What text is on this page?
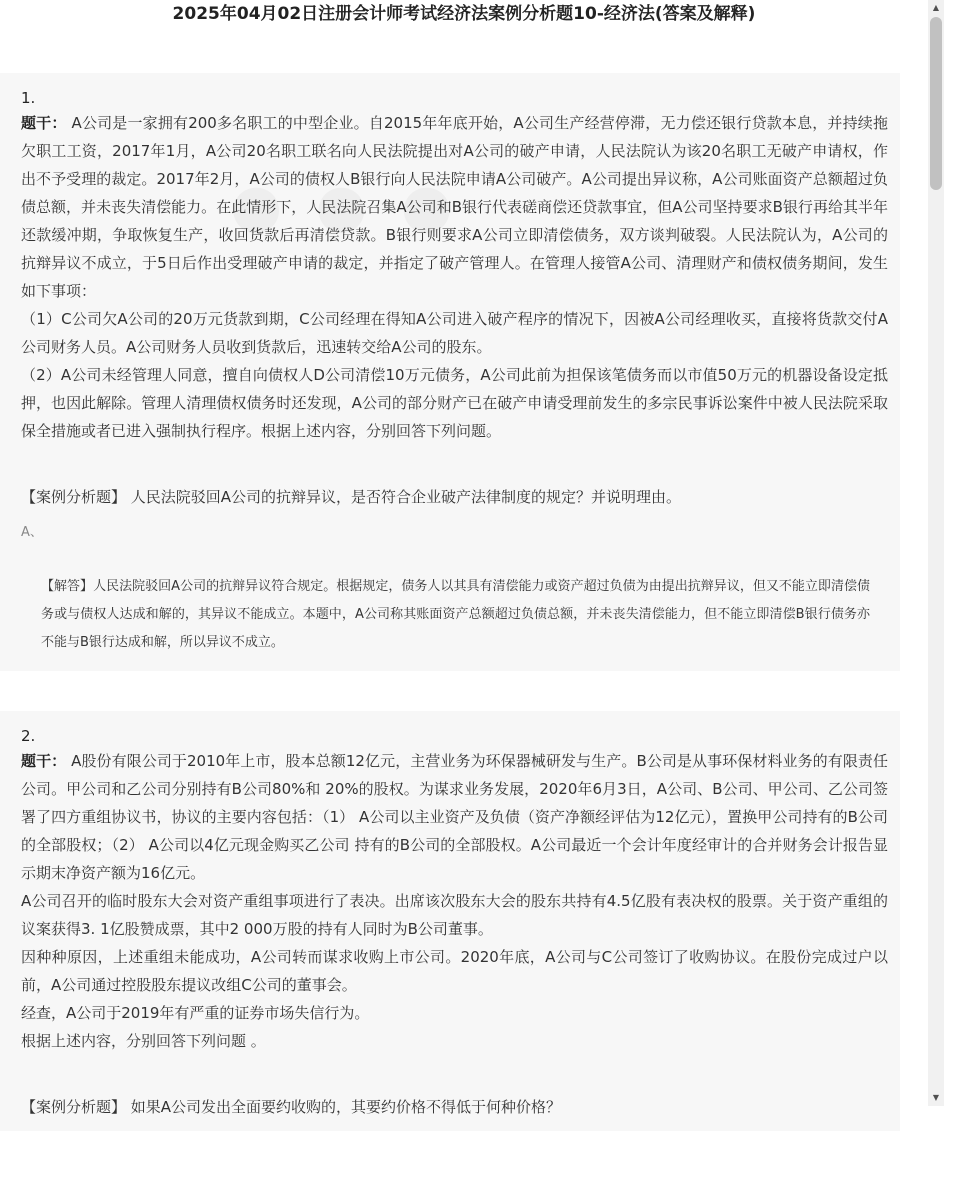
2025年04月02日注册会计师考试经济法案例分析题10-经济法(答案及解释)
1.

题干： A公司是一家拥有200多名职工的中型企业。自2015年年底开始，A公司生产经营停滞，无力偿还银行贷款本息，并持续拖欠职工工资，2017年1月，A公司20名职工联名向人民法院提出对A公司的破产申请，人民法院认为该20名职工无破产申请权，作出不予受理的裁定。2017年2月，A公司的债权人B银行向人民法院申请A公司破产。A公司提出异议称，A公司账面资产总额超过负债总额，并未丧失清偿能力。在此情形下，人民法院召集A公司和B银行代表磋商偿还贷款事宜，但A公司坚持要求B银行再给其半年还款缓冲期，争取恢复生产，收回货款后再清偿贷款。B银行则要求A公司立即清偿债务，双方谈判破裂。人民法院认为，A公司的抗辩异议不成立，于5日后作出受理破产申请的裁定，并指定了破产管理人。在管理人接管A公司、清理财产和债权债务期间，发生如下事项：

（1）C公司欠A公司的20万元货款到期，C公司经理在得知A公司进入破产程序的情况下，因被A公司经理收买，直接将货款交付A公司财务人员。A公司财务人员收到货款后，迅速转交给A公司的股东。

（2）A公司未经管理人同意，擅自向债权人D公司清偿10万元债务，A公司此前为担保该笔债务而以市值50万元的机器设备设定抵押，也因此解除。管理人清理债权债务时还发现，A公司的部分财产已在破产申请受理前发生的多宗民事诉讼案件中被人民法院采取保全措施或者已进入强制执行程序。根据上述内容，分别回答下列问题。

【案例分析题】 人民法院驳回A公司的抗辩异议，是否符合企业破产法律制度的规定？并说明理由。
A、
【解答】人民法院驳回A公司的抗辩异议符合规定。根据规定，债务人以其具有清偿能力或资产超过负债为由提出抗辩异议，但又不能立即清偿债务或与债权人达成和解的，其异议不能成立。本题中，A公司称其账面资产总额超过负债总额，并未丧失清偿能力，但不能立即清偿B银行债务亦不能与B银行达成和解，所以异议不成立。
2.

题干： A股份有限公司于2010年上市，股本总额12亿元，主营业务为环保器械研发与生产。B公司是从事环保材料业务的有限责任公司。甲公司和乙公司分别持有B公司80%和 20%的股权。为谋求业务发展，2020年6月3日，A公司、B公司、甲公司、乙公司签署了四方重组协议书，协议的主要内容包括：（1） A公司以主业资产及负债（资产净额经评估为12亿元），置换甲公司持有的B公司的全部股权；（2） A公司以4亿元现金购买乙公司 持有的B公司的全部股权。A公司最近一个会计年度经审计的合并财务会计报告显示期末净资产额为16亿元。

A公司召开的临时股东大会对资产重组事项进行了表决。出席该次股东大会的股东共持有4.5亿股有表决权的股票。关于资产重组的议案获得3. 1亿股赞成票，其中2 000万股的持有人同时为B公司董事。

因种种原因，上述重组未能成功，A公司转而谋求收购上市公司。2020年底，A公司与C公司签订了收购协议。在股份完成过户以前，A公司通过控股股东提议改组C公司的董事会。

经查，A公司于2019年有严重的证券市场失信行为。

根据上述内容，分别回答下列问题 。

【案例分析题】 如果A公司发出全面要约收购的，其要约价格不得低于何种价格？
▲
▼
